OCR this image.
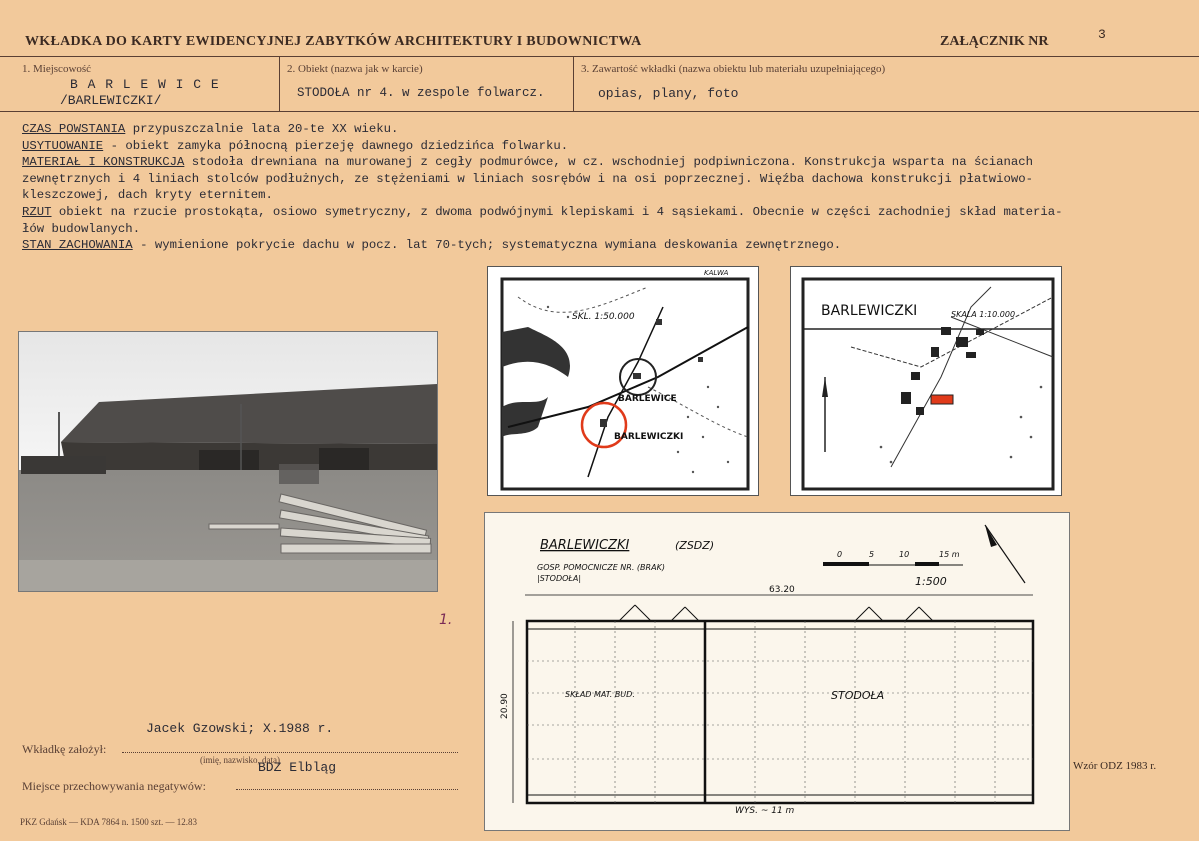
WKŁADKA DO KARTY EWIDENCYJNEJ ZABYTKÓW ARCHITEKTURY I BUDOWNICTWA	ZAŁĄCZNIK NR	3
1. Miejscowość
B A R L E W I C E
/BARLEWICZKI/
2. Obiekt (nazwa jak w karcie)
STODOŁA nr 4. w zespole folwarcz.
3. Zawartość wkładki (nazwa obiektu lub materiału uzupełniającego)
opias, plany, foto
CZAS POWSTANIA przypuszczalnie lata 20-te XX wieku.
USYTUOWANIE - obiekt zamyka północną pierzeję dawnego dziedzińca folwarku.
MATERIAŁ I KONSTRUKCJA stodoła drewniana na murowanej z cegły podmurówce, w cz. wschodniej podpiwniczona. Konstrukcja wsparta na ścianach
zewnętrznych i 4 liniach stolców podłużnych, ze stężeniami w liniach sosrębów i na osi poprzecznej. Więźba dachowa konstrukcji płatwiowo-
kleszczowej, dach kryty eternitem.
RZUT obiekt na rzucie prostokąta, osiowo symetryczny, z dwoma podwójnymi klepiskami i 4 sąsiekami. Obecnie w części zachodniej skład materia-
łów budowlanych.
STAN ZACHOWANIA - wymienione pokrycie dachu w pocz. lat 70-tych; systematyczna wymiana deskowania zewnętrznego.
1.
SKL. 1:50.000
BARLEWICE
BARLEWICZKI
KALWA
BARLEWICZKI	SKALA 1:10.000
BARLEWICZKI	(ZSDZ)
GOSP. POMOCNICZE NR. (BRAK)
|STODOŁA|
0	5	10	15 m
1:500
63.20
20.90	SKŁAD MAT. BUD.	STODOŁA
WYS. ~ 11 m
Jacek Gzowski; X.1988 r.
Wkładkę założył:
(imię, nazwisko, data)
BDZ Elbląg
Miejsce przechowywania negatywów:
Wzór ODZ 1983 r.
PKZ Gdańsk — KDA 7864 n. 1500 szt. — 12.83
